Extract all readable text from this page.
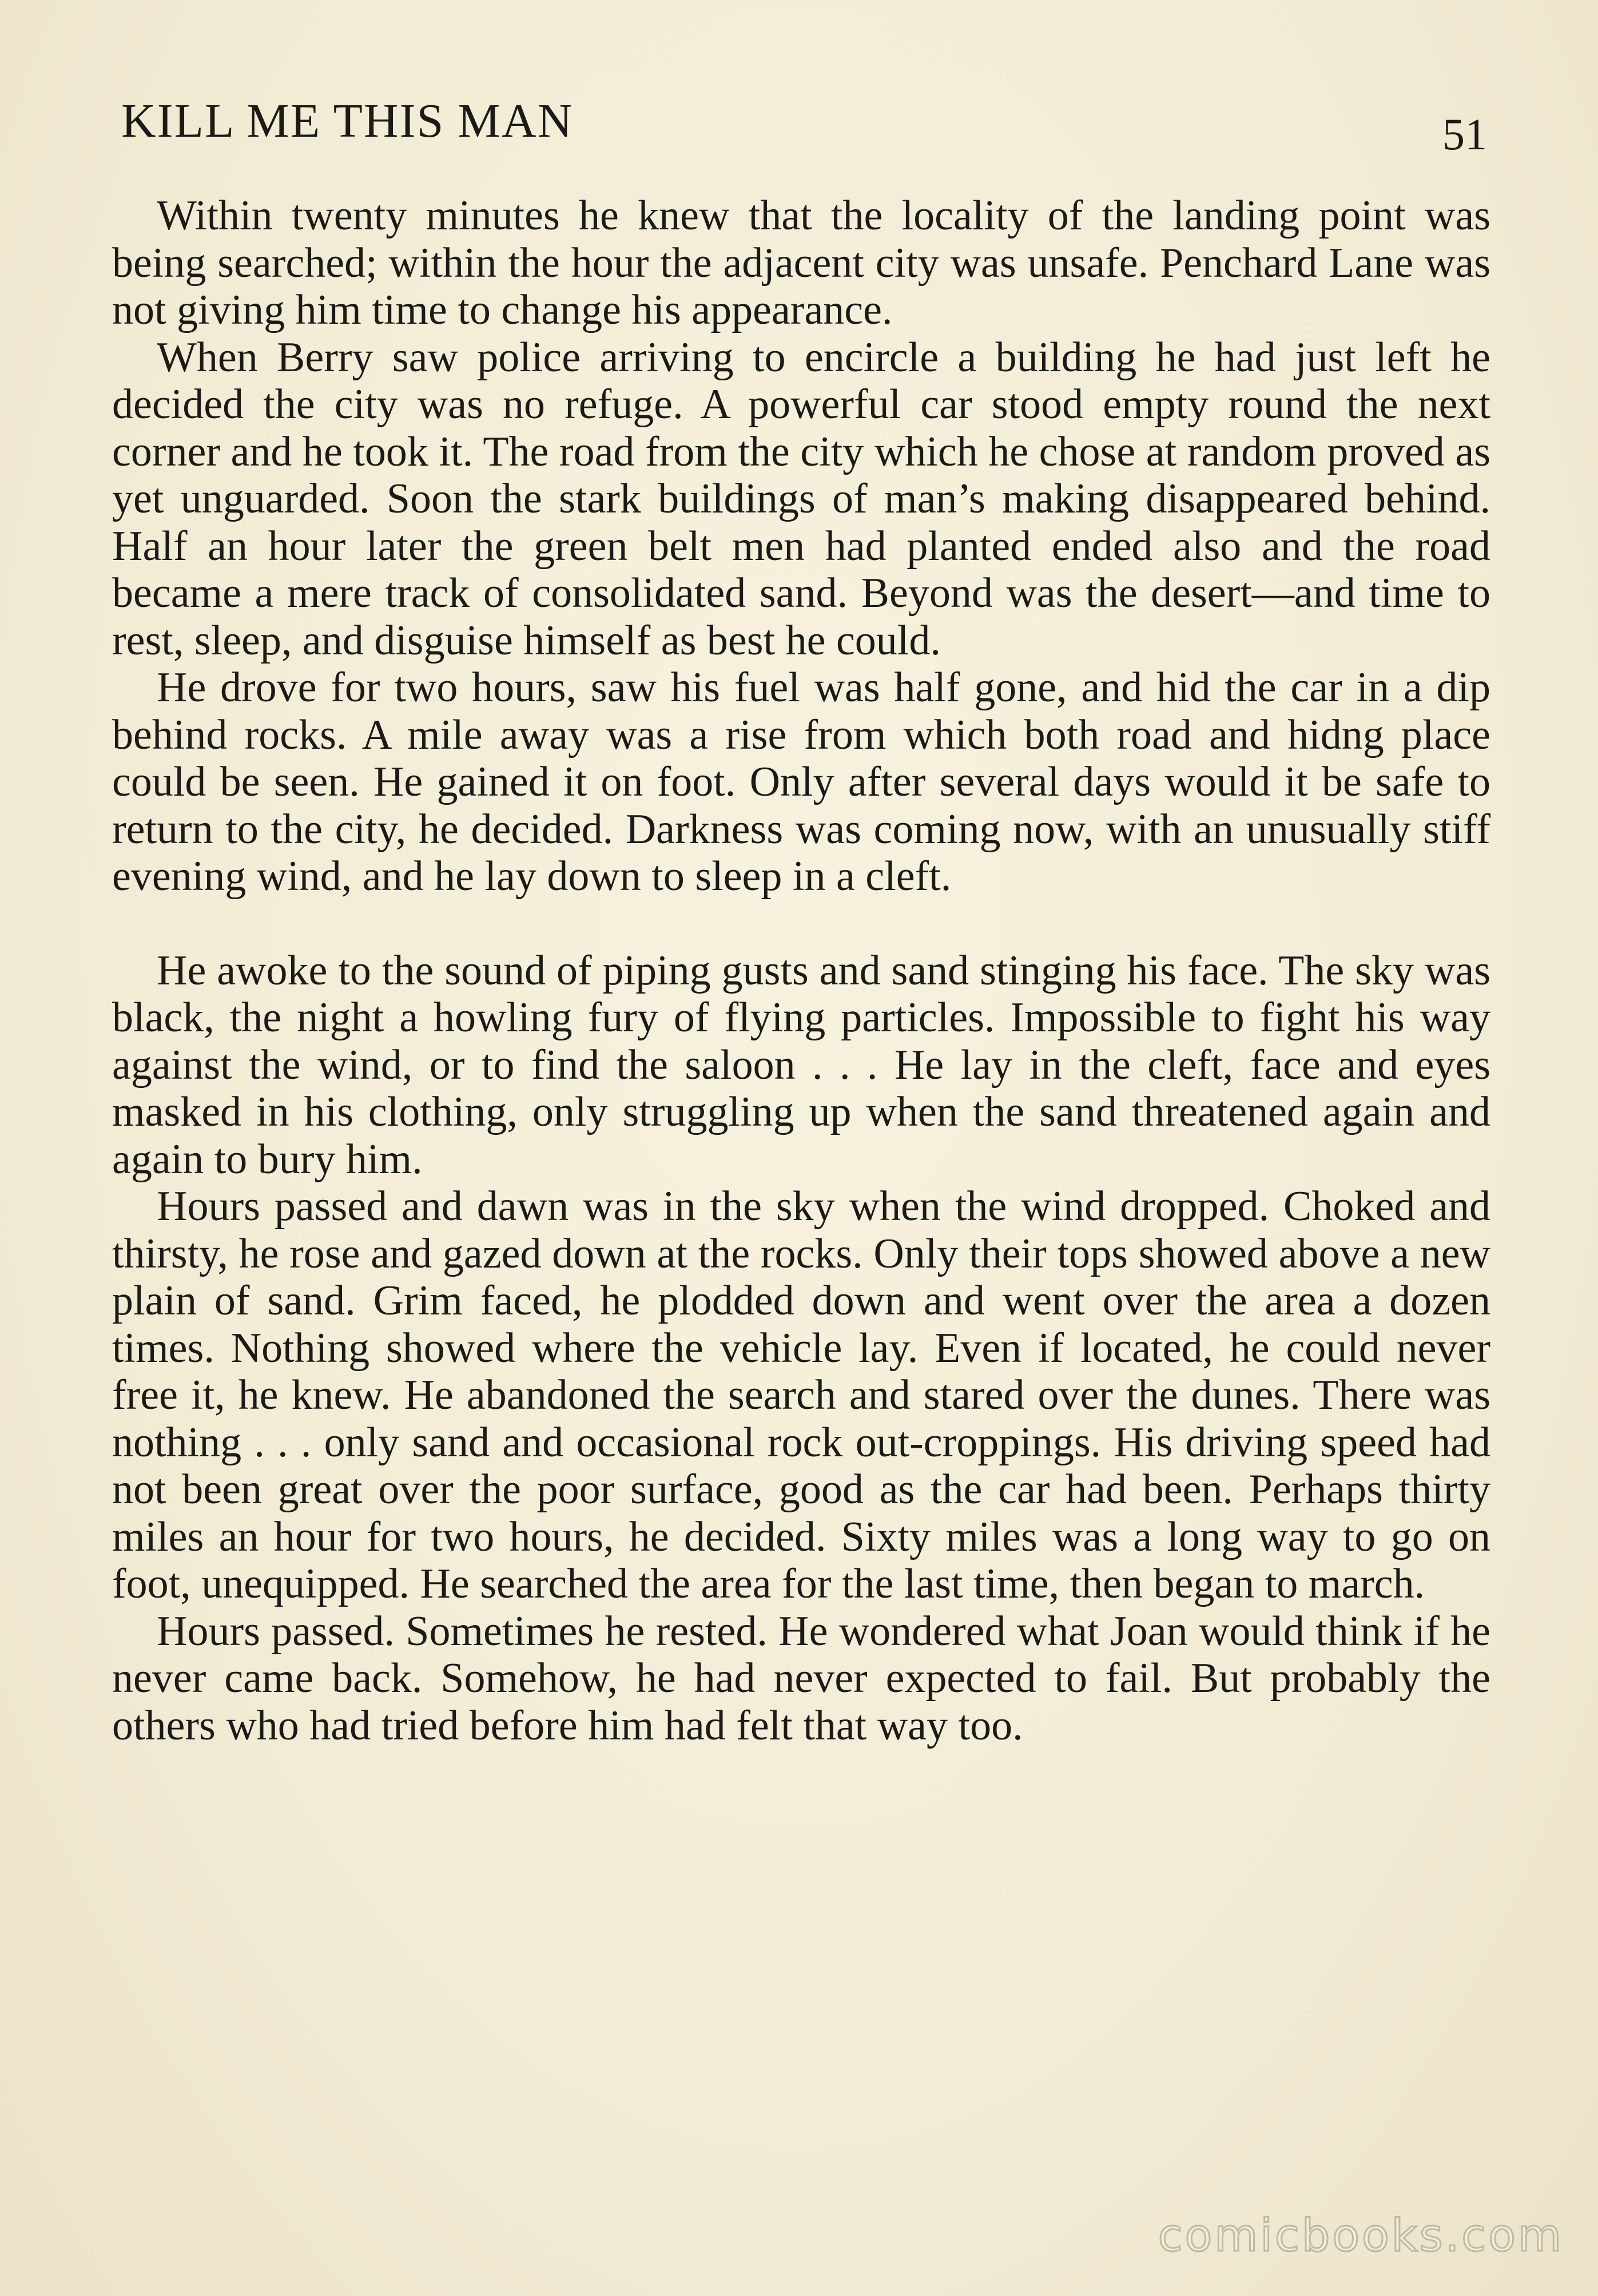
KILL ME THIS MAN	51

Within twenty minutes he knew that the locality of the landing point was being searched; within the hour the adjacent city was unsafe. Penchard Lane was not giving him time to change his appearance.

When Berry saw police arriving to encircle a building he had just left he decided the city was no refuge. A powerful car stood empty round the next corner and he took it. The road from the city which he chose at random proved as yet unguarded. Soon the stark buildings of man’s making disappeared behind. Half an hour later the green belt men had planted ended also and the road became a mere track of consolidated sand. Beyond was the desert—and time to rest, sleep, and disguise himself as best he could.

He drove for two hours, saw his fuel was half gone, and hid the car in a dip behind rocks. A mile away was a rise from which both road and hidng place could be seen. He gained it on foot. Only after several days would it be safe to return to the city, he decided. Darkness was coming now, with an unusually stiff evening wind, and he lay down to sleep in a cleft.

He awoke to the sound of piping gusts and sand stinging his face. The sky was black, the night a howling fury of flying particles. Impossible to fight his way against the wind, or to find the saloon . . . He lay in the cleft, face and eyes masked in his clothing, only struggling up when the sand threatened again and again to bury him.

Hours passed and dawn was in the sky when the wind dropped. Choked and thirsty, he rose and gazed down at the rocks. Only their tops showed above a new plain of sand. Grim faced, he plodded down and went over the area a dozen times. Nothing showed where the vehicle lay. Even if located, he could never free it, he knew. He abandoned the search and stared over the dunes. There was nothing . . . only sand and occasional rock out-croppings. His driving speed had not been great over the poor surface, good as the car had been. Perhaps thirty miles an hour for two hours, he decided. Sixty miles was a long way to go on foot, unequipped. He searched the area for the last time, then began to march.

Hours passed. Sometimes he rested. He wondered what Joan would think if he never came back. Somehow, he had never expected to fail. But probably the others who had tried before him had felt that way too.

comicbooks.com
